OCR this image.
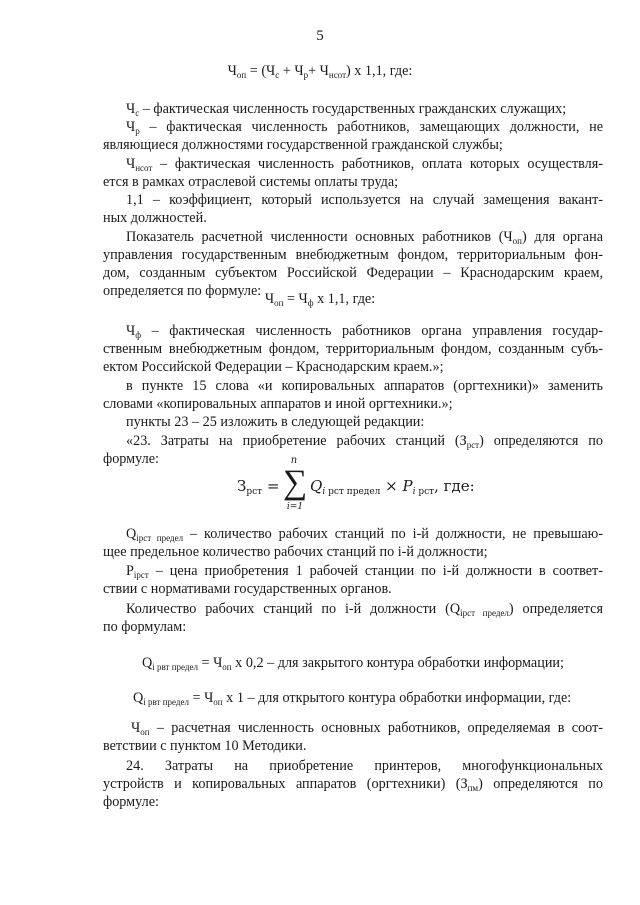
5
$Ч_{оп} = (Ч_с + Ч_р+ Ч_{нсот})$ х 1,1, где:
$Ч_с$ – фактическая численность государственных гражданских служащих;
$Ч_р$ – фактическая численность работников, замещающих должности, не
являющиеся должностями государственной гражданской службы;
$Ч_{нсот}$ – фактическая численность работников, оплата которых осуществля-
ется в рамках отраслевой системы оплаты труда;
1,1 – коэффициент, который используется на случай замещения вакант-
ных должностей.
Показатель расчетной численности основных работников $(Ч_{оп})$ для органа
управления государственным внебюджетным фондом, территориальным фон-
дом, созданным субъектом Российской Федерации – Краснодарским краем,
определяется по формуле: $Ч_{оп} = Ч_ф$ х 1,1, где:
$Ч_ф$ – фактическая численность работников органа управления государ-
ственным внебюджетным фондом, территориальным фондом, созданным субъ-
ектом Российской Федерации – Краснодарским краем.»;
в пункте 15 слова «и копировальных аппаратов (оргтехники)» заменить
словами «копировальных аппаратов и иной оргтехники.»;
пункты 23 – 25 изложить в следующей редакции:
«23. Затраты на приобретение рабочих станций $(З_{рст})$ определяются по
формуле:
$З_{рст}$ =
n
∑
i=1
$Q_i$ $_{рст предел} \times P_i$ $_{рст}$, где:
$Q_{iрст предел}$ – количество рабочих станций по i-й должности, не превышаю-
щее предельное количество рабочих станций по i-й должности;
$P_{iрст}$ – цена приобретения 1 рабочей станции по i-й должности в соответ-
ствии с нормативами государственных органов.
Количество рабочих станций по i-й должности $(Q_{iрст предел})$ определяется
по формулам:
$Q_{i рвт предел} = Ч_{оп}$ х 0,2 – для закрытого контура обработки информации;
$Q_{i рвт предел} = Ч_{оп}$ х 1 – для открытого контура обработки информации, где:
$Ч_{оп}$ – расчетная численность основных работников, определяемая в соот-
ветствии с пунктом 10 Методики.
24. Затраты на приобретение принтеров, многофункциональных
устройств и копировальных аппаратов (оргтехники) $(З_{пм})$ определяются по
формуле:
